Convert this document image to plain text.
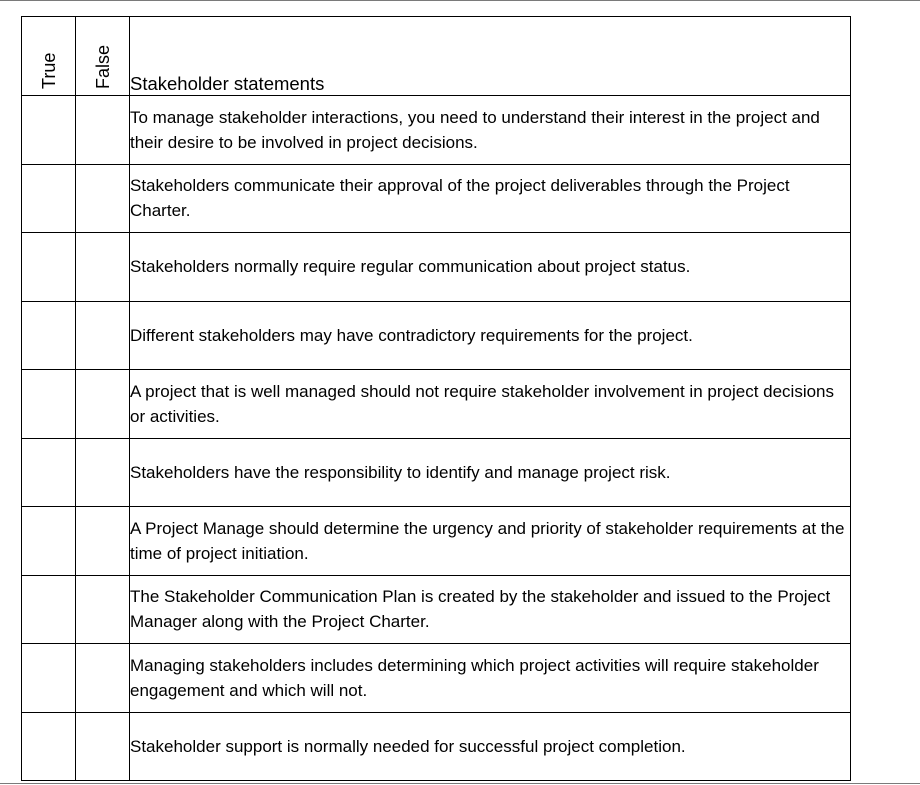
True	False	Stakeholder statements
		To manage stakeholder interactions, you need to understand their interest in the project and their desire to be involved in project decisions.
		Stakeholders communicate their approval of the project deliverables through the Project Charter.
		Stakeholders normally require regular communication about project status.
		Different stakeholders may have contradictory requirements for the project.
		A project that is well managed should not require stakeholder involvement in project decisions or activities.
		Stakeholders have the responsibility to identify and manage project risk.
		A Project Manage should determine the urgency and priority of stakeholder requirements at the time of project initiation.
		The Stakeholder Communication Plan is created by the stakeholder and issued to the Project Manager along with the Project Charter.
		Managing stakeholders includes determining which project activities will require stakeholder engagement and which will not.
		Stakeholder support is normally needed for successful project completion.
